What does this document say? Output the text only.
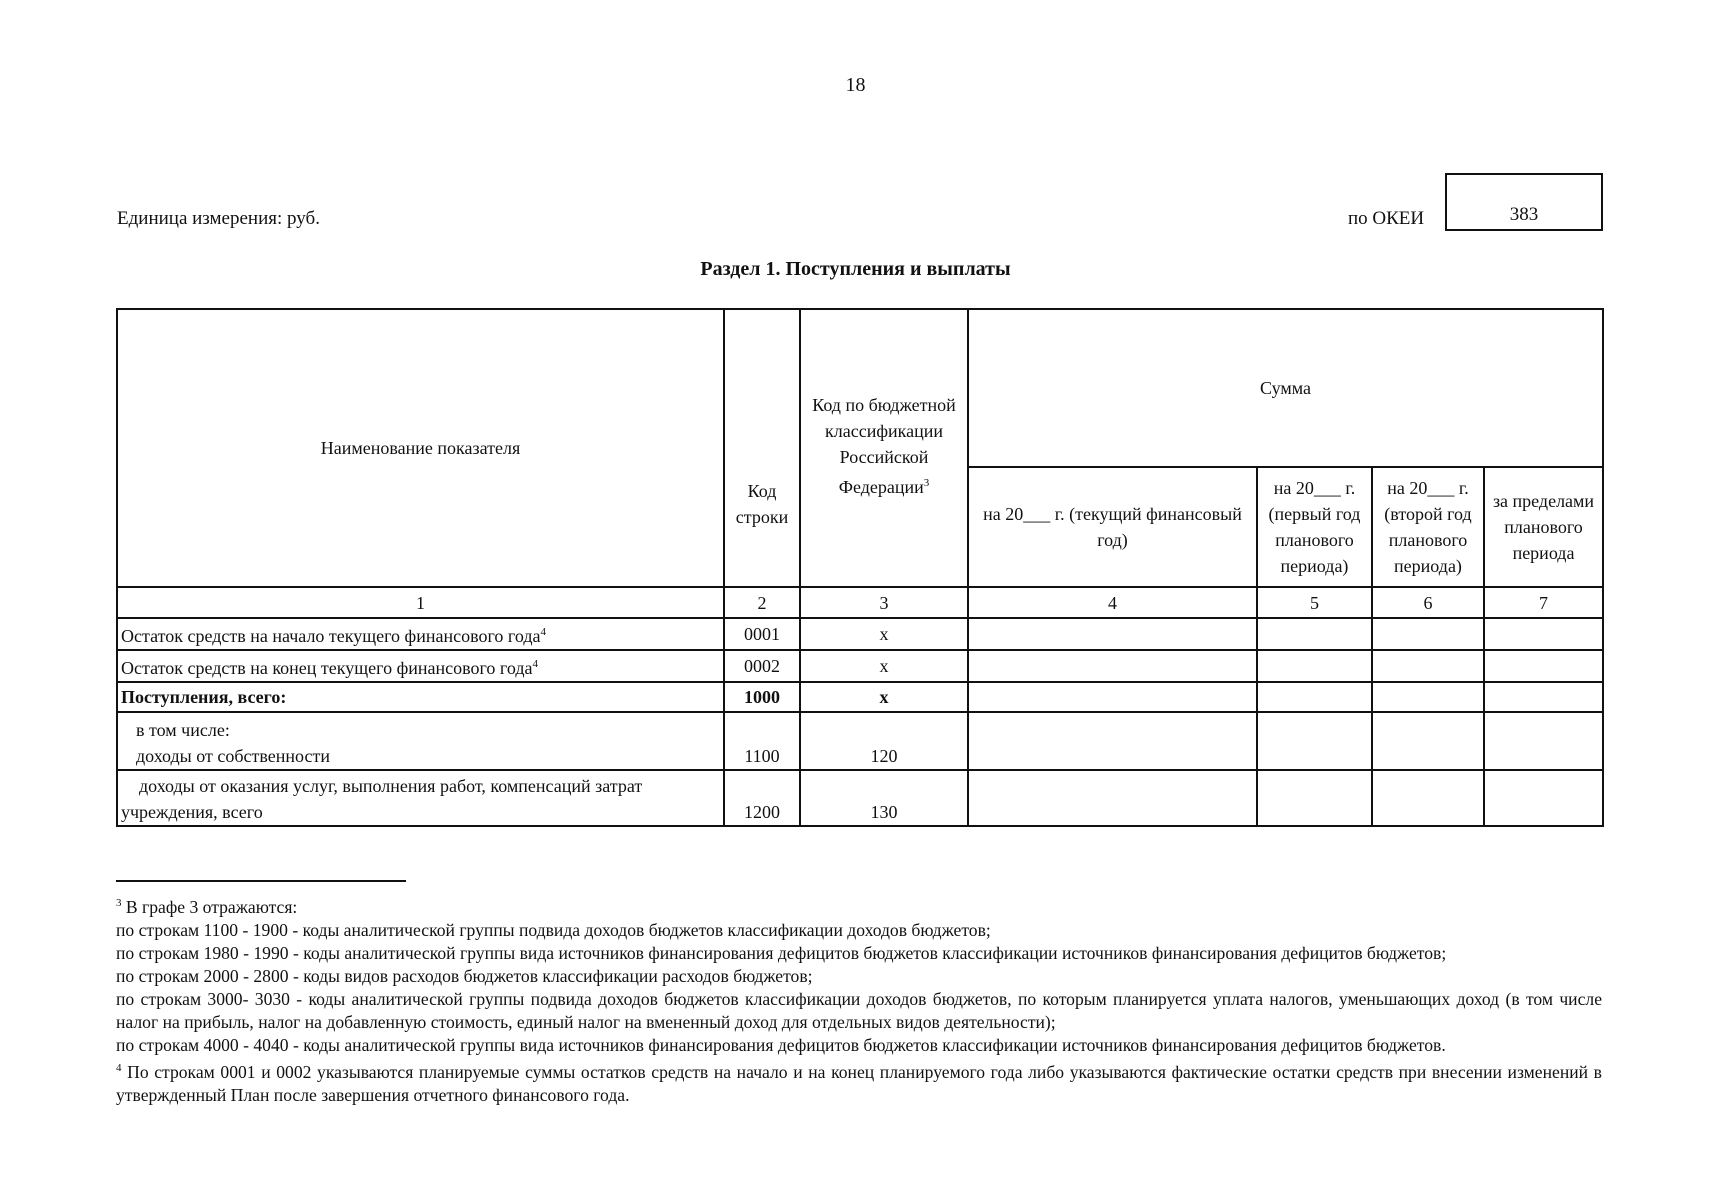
18
Единица измерения: руб.	по ОКЕИ	383
Раздел 1. Поступления и выплаты
Наименование показателя	Код строки	Код по бюджетной классификации Российской Федерации$^3$	Сумма			
			на 20___ г. (текущий финансовый год)	на 20___ г. (первый год планового периода)	на 20___ г. (второй год планового периода)	за пределами планового периода
1	2	3	4	5	6	7
Остаток средств на начало текущего финансового года$^4$	0001	x				
Остаток средств на конец текущего финансового года$^4$	0002	x				
Поступления, всего:	1000	x				

в том числе:
доходы от собственности	1100	120				
доходы от оказания услуг, выполнения работ, компенсаций затрат учреждения, всего	1200	130				

$^3$ В графе 3 отражаются:

по строкам 1100 - 1900 - коды аналитической группы подвида доходов бюджетов классификации доходов бюджетов;

по строкам 1980 - 1990 - коды аналитической группы вида источников финансирования дефицитов бюджетов классификации источников финансирования дефицитов бюджетов;

по строкам 2000 - 2800 - коды видов расходов бюджетов классификации расходов бюджетов;

по строкам 3000- 3030 - коды аналитической группы подвида доходов бюджетов классификации доходов бюджетов, по которым планируется уплата налогов, уменьшающих доход (в том числе налог на прибыль, налог на добавленную стоимость, единый налог на вмененный доход для отдельных видов деятельности);

по строкам 4000 - 4040 - коды аналитической группы вида источников финансирования дефицитов бюджетов классификации источников финансирования дефицитов бюджетов.

$^4$ По строкам 0001 и 0002 указываются планируемые суммы остатков средств на начало и на конец планируемого года либо указываются фактические остатки средств при внесении изменений в утвержденный План после завершения отчетного финансового года.
